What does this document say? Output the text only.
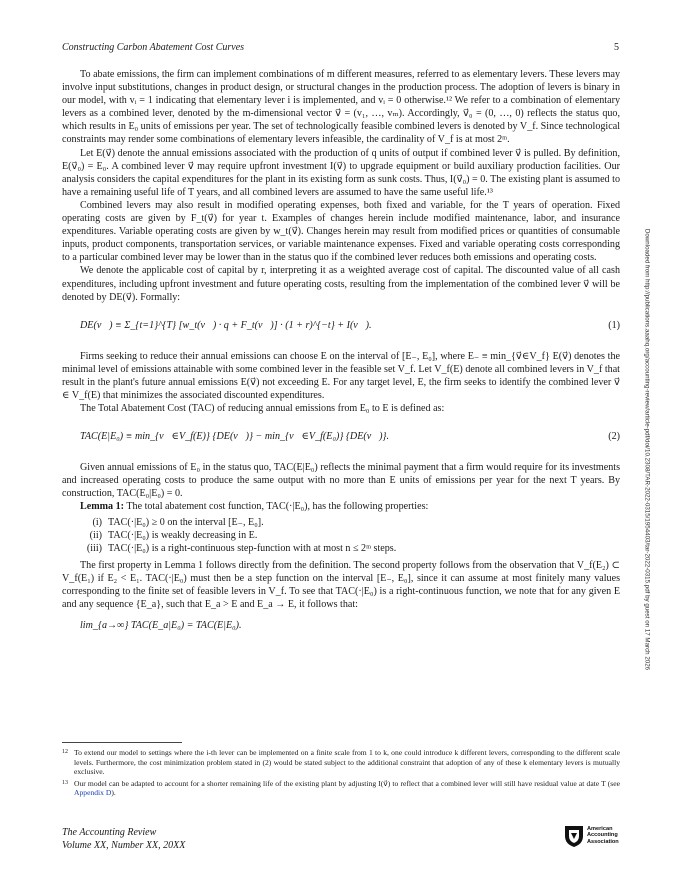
Constructing Carbon Abatement Cost Curves	5

To abate emissions, the firm can implement combinations of m different measures, referred to as elementary levers. These levers may involve input substitutions, changes in product design, or structural changes in the production process. The adoption of levers is binary in our model, with vᵢ = 1 indicating that elementary lever i is implemented, and vᵢ = 0 otherwise.¹² We refer to a combination of elementary levers as a combined lever, denoted by the m-dimensional vector v⃗ = (v₁, …, vₘ). Accordingly, v⃗₀ = (0, …, 0) reflects the status quo, which results in E₀ units of emissions per year. The set of technologically feasible combined levers is denoted by V_f. Since technological constraints may render some combinations of elementary levers infeasible, the cardinality of V_f is at most 2ᵐ.

Let E(v⃗) denote the annual emissions associated with the production of q units of output if combined lever v⃗ is pulled. By definition, E(v⃗₀) = E₀. A combined lever v⃗ may require upfront investment I(v⃗) to upgrade equipment or build auxiliary production facilities. Our analysis considers the capital expenditures for the plant in its existing form as sunk costs. Thus, I(v⃗₀) = 0. The existing plant is assumed to have a remaining useful life of T years, and all combined levers are assumed to have the same useful life.¹³

Combined levers may also result in modified operating expenses, both fixed and variable, for the T years of operation. Fixed operating costs are given by F_t(v⃗) for year t. Examples of changes herein include modified maintenance, labor, and insurance expenditures. Variable operating costs are given by w_t(v⃗). Changes herein may result from modified prices or quantities of consumable inputs, product components, transportation services, or variable maintenance expenses. Fixed and variable operating costs corresponding to a particular combined lever may be lower than in the status quo if the combined lever reduces both emissions and operating costs.

We denote the applicable cost of capital by r, interpreting it as a weighted average cost of capital. The discounted value of all cash expenditures, including upfront investment and future operating costs, resulting from the implementation of the combined lever v⃗ will be denoted by DE(v⃗). Formally:

DE(v⃗) ≡ Σ_{t=1}^{T} [w_t(v⃗) · q + F_t(v⃗)] · (1 + r)^{−t} + I(v⃗).	(1)

Firms seeking to reduce their annual emissions can choose E on the interval of [E₋, E₀], where E₋ ≡ min_{v⃗∈V_f} E(v⃗) denotes the minimal level of emissions attainable with some combined lever in the feasible set V_f. Let V_f(E) denote all combined levers in V_f that result in the plant's future annual emissions E(v⃗) not exceeding E. For any target level, E, the firm seeks to identify the combined lever v⃗ ∈ V_f(E) that minimizes the associated discounted expenditures.

The Total Abatement Cost (TAC) of reducing annual emissions from E₀ to E is defined as:

TAC(E|E₀) ≡ min_{v⃗∈V_f(E)} {DE(v⃗)} − min_{v⃗∈V_f(E₀)} {DE(v⃗)}.	(2)

Given annual emissions of E₀ in the status quo, TAC(E|E₀) reflects the minimal payment that a firm would require for its investments and increased operating costs to produce the same output with no more than E units of emissions per year for the next T years. By construction, TAC(E₀|E₀) = 0.

Lemma 1: The total abatement cost function, TAC(·|E₀), has the following properties:

(i) TAC(·|E₀) ≥ 0 on the interval [E₋, E₀].
(ii) TAC(·|E₀) is weakly decreasing in E.
(iii) TAC(·|E₀) is a right-continuous step-function with at most n ≤ 2ᵐ steps.

The first property in Lemma 1 follows directly from the definition. The second property follows from the observation that V_f(E₂) ⊂ V_f(E₁) if E₂ < E₁. TAC(·|E₀) must then be a step function on the interval [E₋, E₀], since it can assume at most finitely many values corresponding to the finite set of feasible levers in V_f. To see that TAC(·|E₀) is a right-continuous function, we note that for any given E and any sequence {E_a}, such that E_a > E and E_a → E, it follows that:

lim_{a→∞} TAC(E_a|E₀) = TAC(E|E₀).	Downloaded from http://publications.aaahq.org/accounting-review/article-pdf/doi/10.2308/TAR-2022-0315/1954403/tar-2022-0315.pdf by guest on 17 March 2026
12 To extend our model to settings where the i-th lever can be implemented on a finite scale from 1 to k, one could introduce k different levers, corresponding to the different scale levels. Furthermore, the cost minimization problem stated in (2) would be stated subject to the additional constraint that adoption of any of these k elementary levers is mutually exclusive.
13 Our model can be adapted to account for a shorter remaining life of the existing plant by adjusting I(v⃗) to reflect that a combined lever will still have residual value at date T (see Appendix D).
The Accounting Review
Volume XX, Number XX, 20XX
American
Accounting
Association
